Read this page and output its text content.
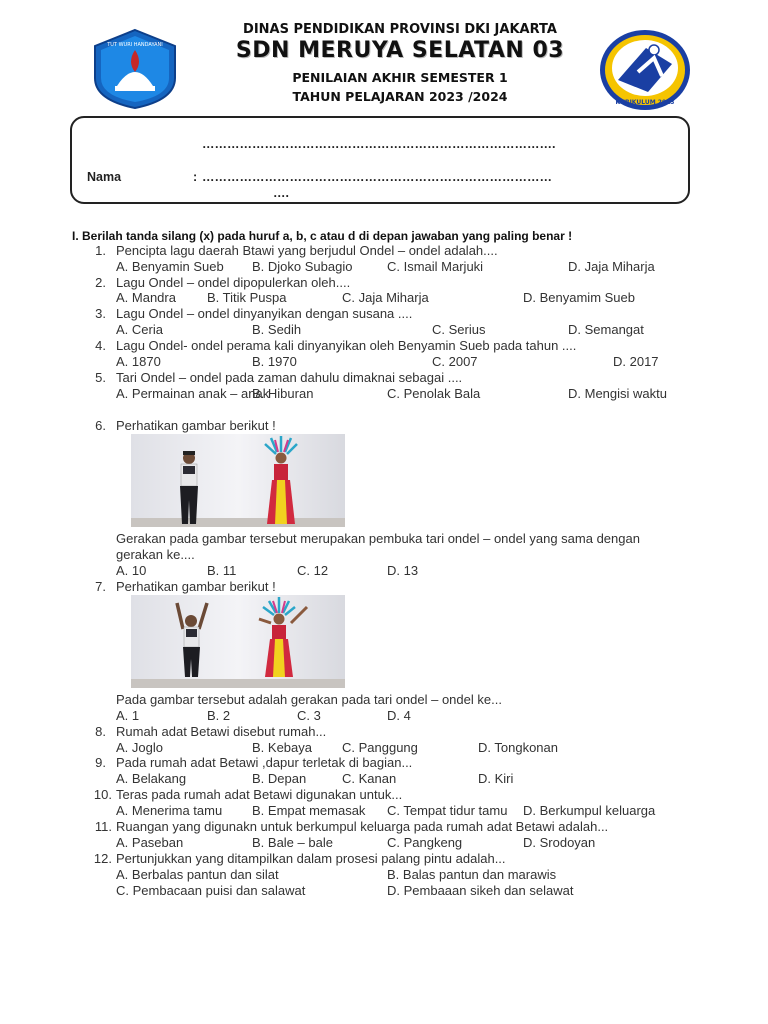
TUT WURI HANDAYANI
DINAS PENDIDIKAN PROVINSI DKI JAKARTA
SDN MERUYA SELATAN 03
PENILAIAN AKHIR SEMESTER 1
TAHUN PELAJARAN 2023 /2024	KURIKULUM 2013
………………………………………………………………………….
Nama	: …………………………………………………………………………
….
I. Berilah tanda silang (x) pada huruf a, b, c atau d di depan jawaban yang paling benar !
1. Pencipta lagu daerah Btawi yang berjudul Ondel – ondel adalah....
A. Benyamin Sueb B. Djoko Subagio	C. Ismail Marjuki	D. Jaja Miharja
2. Lagu Ondel – ondel dipopulerkan oleh....
A. Mandra B. Titik Puspa	C. Jaja Miharja	D. Benyamim Sueb
3. Lagu Ondel – ondel dinyanyikan dengan susana ....
A. Ceria	B. Sedih	C. Serius	D. Semangat
4. Lagu Ondel- ondel perama kali dinyanyikan oleh Benyamin Sueb pada tahun ....
A. 1870	B. 1970	C. 2007	D. 2017
5. Tari Ondel – ondel pada zaman dahulu dimaknai sebagai ....
A. Permainan anak – anak
B. Hiburan	C. Penolak Bala	D. Mengisi waktu
6. Perhatikan gambar berikut !
Gerakan pada gambar tersebut merupakan pembuka tari ondel – ondel yang sama dengan
gerakan ke....
A. 10	B. 11	C. 12	D. 13
7. Perhatikan gambar berikut !
Pada gambar tersebut adalah gerakan pada tari ondel – ondel ke...
A. 1	B. 2	C. 3	D. 4
8. Rumah adat Betawi disebut rumah...
A. Joglo	B. Kebaya C. Panggung	D. Tongkonan
9. Pada rumah adat Betawi ,dapur terletak di bagian...
A. Belakang	B. Depan	C. Kanan	D. Kiri
10. Teras pada rumah adat Betawi digunakan untuk...
A. Menerima tamu B. Empat memasak C. Tempat tidur tamu D. Berkumpul keluarga
11. Ruangan yang digunakn untuk berkumpul keluarga pada rumah adat Betawi adalah...
A. Paseban	B. Bale – bale	C. Pangkeng	D. Srodoyan
12. Pertunjukkan yang ditampilkan dalam prosesi palang pintu adalah...
A. Berbalas pantun dan silat	B. Balas pantun dan marawis
C. Pembacaan puisi dan salawat	D. Pembaaan sikeh dan selawat
